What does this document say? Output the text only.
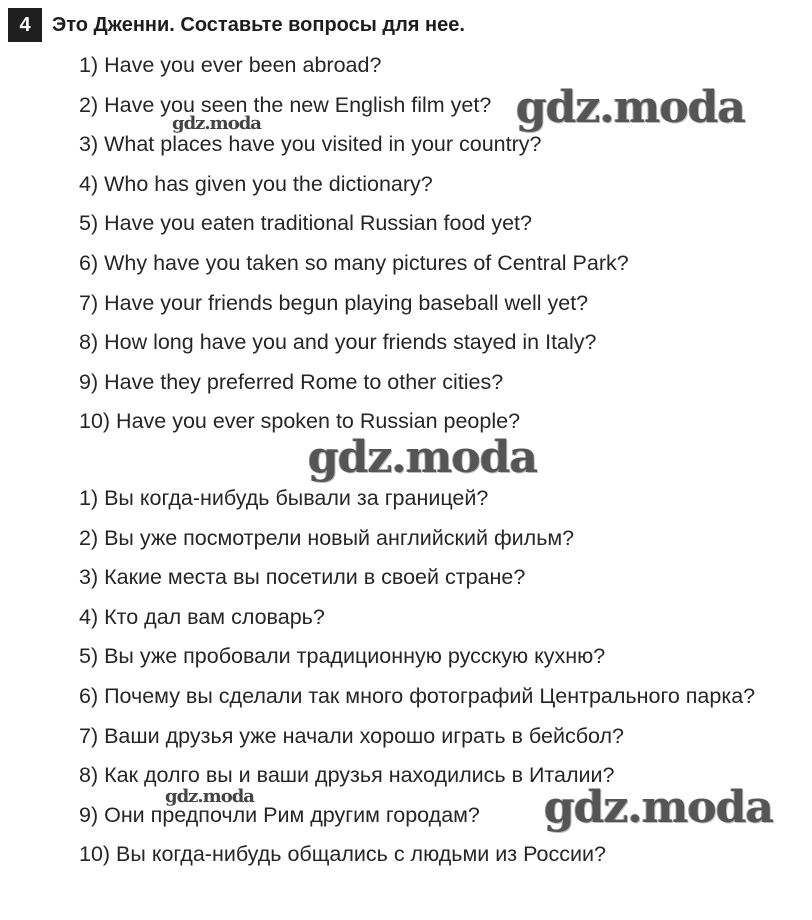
4	Это Дженни. Составьте вопросы для нее.
1) Have you ever been abroad?
2) Have you seen the new English film yet?
3) What places have you visited in your country?
4) Who has given you the dictionary?
5) Have you eaten traditional Russian food yet?
6) Why have you taken so many pictures of Central Park?
7) Have your friends begun playing baseball well yet?
8) How long have you and your friends stayed in Italy?
9) Have they preferred Rome to other cities?
10) Have you ever spoken to Russian people?
1) Вы когда-нибудь бывали за границей?
2) Вы уже посмотрели новый английский фильм?
3) Какие места вы посетили в своей стране?
4) Кто дал вам словарь?
5) Вы уже пробовали традиционную русскую кухню?
6) Почему вы сделали так много фотографий Центрального парка?
7) Ваши друзья уже начали хорошо играть в бейсбол?
8) Как долго вы и ваши друзья находились в Италии?
9) Они предпочли Рим другим городам?
10) Вы когда-нибудь общались с людьми из России?
gdz.moda
gdz.moda
gdz.moda
gdz.moda	gdz.moda
